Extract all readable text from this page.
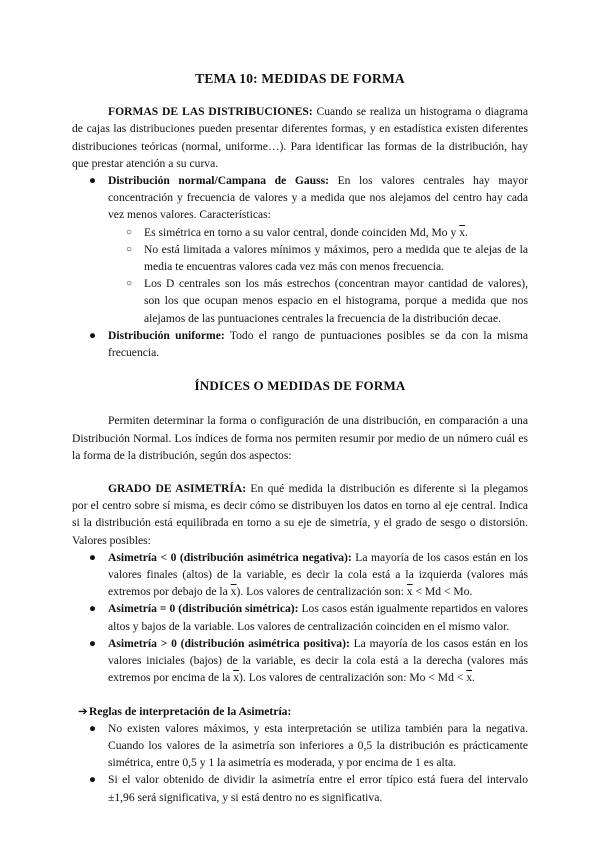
TEMA 10: MEDIDAS DE FORMA

FORMAS DE LAS DISTRIBUCIONES: Cuando se realiza un histograma o diagrama de cajas las distribuciones pueden presentar diferentes formas, y en estadística existen diferentes distribuciones teóricas (normal, uniforme…). Para identificar las formas de la distribución, hay que prestar atención a su curva.

● Distribución normal/Campana de Gauss: En los valores centrales hay mayor concentración y frecuencia de valores y a medida que nos alejamos del centro hay cada vez menos valores. Características:
○ Es simétrica en torno a su valor central, donde coinciden Md, Mo y $\overline{x}$.
○ No está limitada a valores mínimos y máximos, pero a medida que te alejas de la media te encuentras valores cada vez más con menos frecuencia.
○ Los D centrales son los más estrechos (concentran mayor cantidad de valores), son los que ocupan menos espacio en el histograma, porque a medida que nos alejamos de las puntuaciones centrales la frecuencia de la distribución decae.
● Distribución uniforme: Todo el rango de puntuaciones posibles se da con la misma frecuencia.
ÍNDICES O MEDIDAS DE FORMA

Permiten determinar la forma o configuración de una distribución, en comparación a una Distribución Normal. Los índices de forma nos permiten resumir por medio de un número cuál es la forma de la distribución, según dos aspectos:

GRADO DE ASIMETRÍA: En qué medida la distribución es diferente si la plegamos por el centro sobre sí misma, es decir cómo se distribuyen los datos en torno al eje central. Indica si la distribución está equilibrada en torno a su eje de simetría, y el grado de sesgo o distorsión. Valores posibles:

● Asimetría < 0 (distribución asimétrica negativa): La mayoría de los casos están en los valores finales (altos) de la variable, es decir la cola está a la izquierda (valores más extremos por debajo de la $\overline{x}$). Los valores de centralización son: $\overline{x} < Md < Mo$.
● Asimetría = 0 (distribución simétrica): Los casos están igualmente repartidos en valores altos y bajos de la variable. Los valores de centralización coinciden en el mismo valor.
● Asimetría > 0 (distribución asimétrica positiva): La mayoría de los casos están en los valores iniciales (bajos) de la variable, es decir la cola está a la derecha (valores más extremos por encima de la $\overline{x}$). Los valores de centralización son: $Mo < Md < \overline{x}$.
➔ Reglas de interpretación de la Asimetría:
● No existen valores máximos, y esta interpretación se utiliza también para la negativa. Cuando los valores de la asimetría son inferiores a 0,5 la distribución es prácticamente simétrica, entre 0,5 y 1 la asimetría es moderada, y por encima de 1 es alta.
● Si el valor obtenido de dividir la asimetría entre el error típico está fuera del intervalo ±1,96 será significativa, y si está dentro no es significativa.
